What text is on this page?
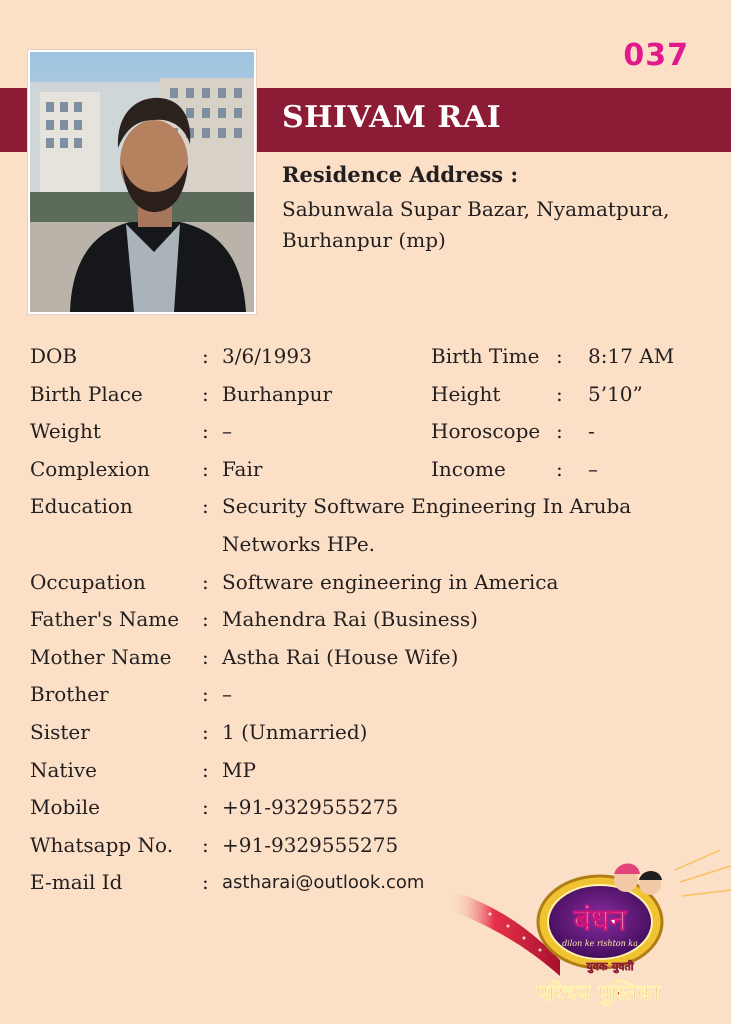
037
SHIVAM RAI
Residence Address :
Sabunwala Supar Bazar, Nyamatpura,
Burhanpur (mp)
DOB	: 3/6/1993	Birth Time : 8:17 AM
Birth Place	: Burhanpur	Height	: 5’10”
Weight	: –	Horoscope : -
Complexion	: Fair	Income	: –
Education	: Security Software Engineering In Aruba Networks HPe.
Occupation	: Software engineering in America
Father's Name : Mahendra Rai (Business)
Mother Name : Astha Rai (House Wife)
Brother	: –
Sister	: 1 (Unmarried)
Native	: MP
Mobile	: +91-9329555275
Whatsapp No. : +91-9329555275
E-mail Id	: astharai@outlook.com
बंधन
dilon ke rishton ka
युवक-युवती
परिचय पुस्तिका
